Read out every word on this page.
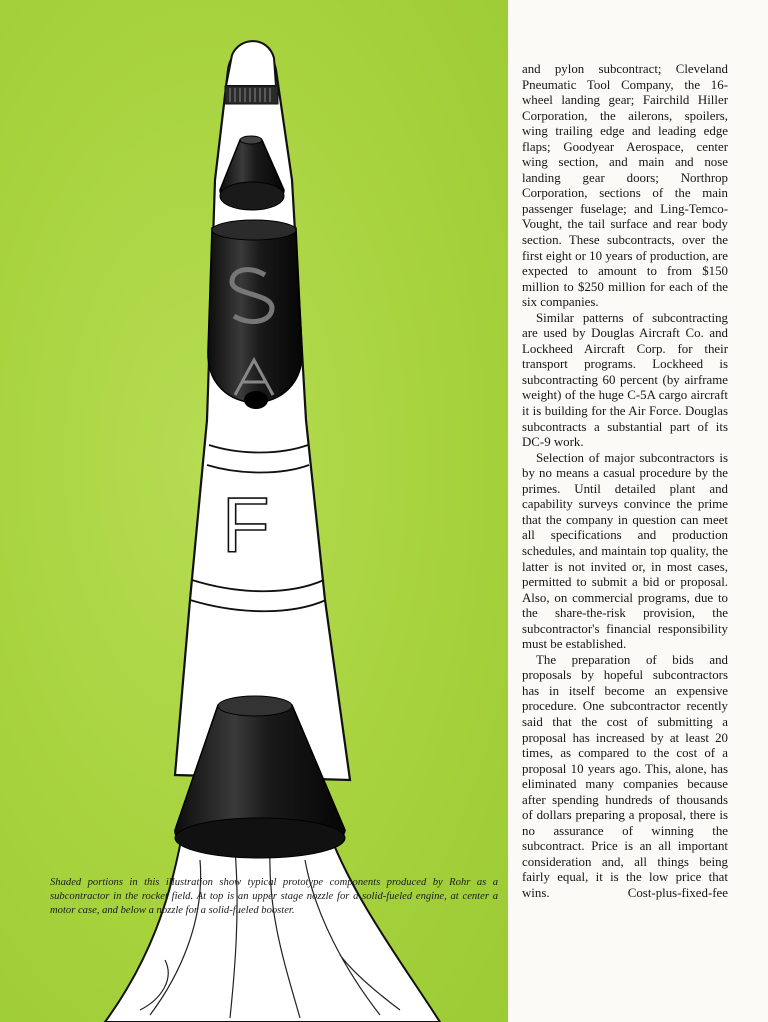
F

Shaded portions in this illustration show typical prototype components produced by Rohr as a subcontractor in the rocket field. At top is an upper stage nozzle for a solid-fueled engine, at center a motor case, and below a nozzle for a solid-fueled booster.

and pylon subcontract; Cleveland Pneumatic Tool Company, the 16-wheel landing gear; Fairchild Hiller Corporation, the ailerons, spoilers, wing trailing edge and leading edge flaps; Goodyear Aerospace, center wing section, and main and nose landing gear doors; Northrop Corporation, sections of the main passenger fuselage; and Ling-Temco-Vought, the tail surface and rear body section. These subcontracts, over the first eight or 10 years of production, are expected to amount to from $150 million to $250 million for each of the six companies.

Similar patterns of subcontracting are used by Douglas Aircraft Co. and Lockheed Aircraft Corp. for their transport programs. Lockheed is subcontracting 60 percent (by airframe weight) of the huge C-5A cargo aircraft it is building for the Air Force. Douglas subcontracts a substantial part of its DC-9 work.

Selection of major subcontractors is by no means a casual procedure by the primes. Until detailed plant and capability surveys convince the prime that the company in question can meet all specifications and production schedules, and maintain top quality, the latter is not invited or, in most cases, permitted to submit a bid or proposal. Also, on commercial programs, due to the share-the-risk provision, the subcontractor's financial responsibility must be established.

The preparation of bids and proposals by hopeful subcontractors has in itself become an expensive procedure. One subcontractor recently said that the cost of submitting a proposal has increased by at least 20 times, as compared to the cost of a proposal 10 years ago. This, alone, has eliminated many companies because after spending hundreds of thousands of dollars preparing a proposal, there is no assurance of winning the subcontract. Price is an all important consideration and, all things being fairly equal, it is the low price that wins. Cost-plus-fixed-fee
